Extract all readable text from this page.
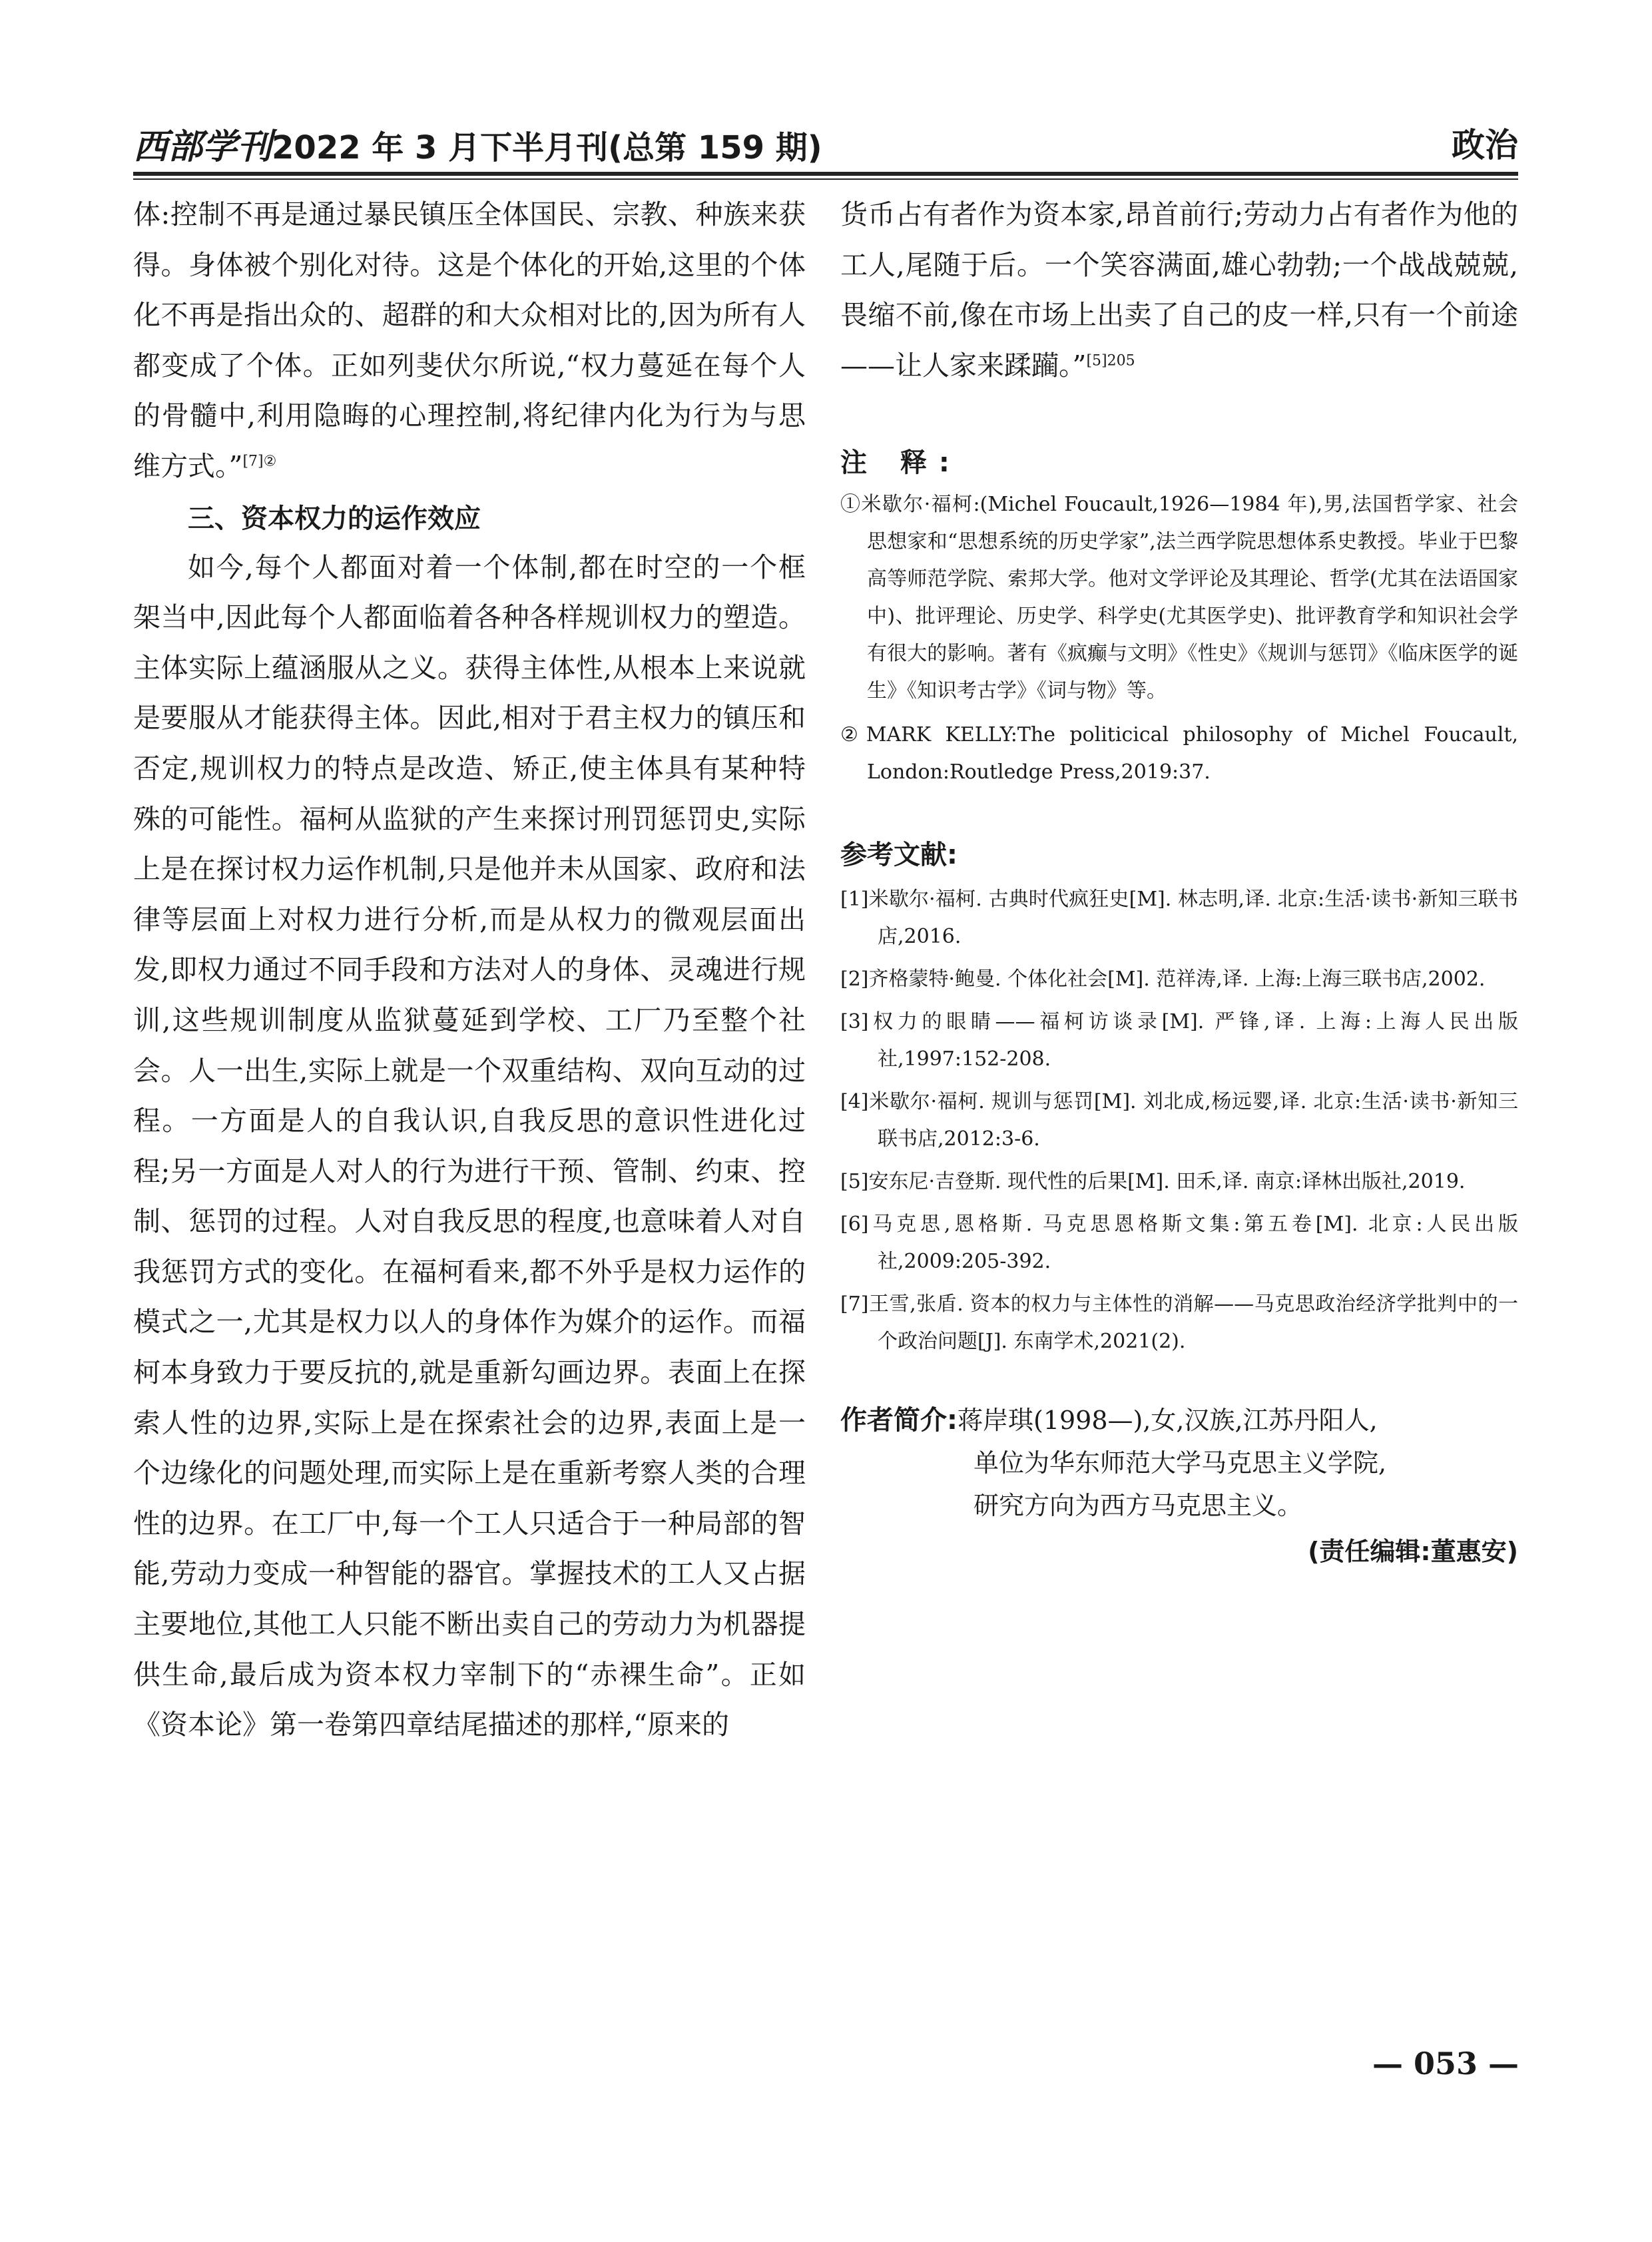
西部学刊2022 年 3 月下半月刊(总第 159 期)	政治

体:控制不再是通过暴民镇压全体国民、宗教、种族来获得。身体被个别化对待。这是个体化的开始,这里的个体化不再是指出众的、超群的和大众相对比的,因为所有人都变成了个体。正如列斐伏尔所说,“权力蔓延在每个人的骨髓中,利用隐晦的心理控制,将纪律内化为行为与思维方式。”$^{[7]②}$

三、资本权力的运作效应

如今,每个人都面对着一个体制,都在时空的一个框架当中,因此每个人都面临着各种各样规训权力的塑造。主体实际上蕴涵服从之义。获得主体性,从根本上来说就是要服从才能获得主体。因此,相对于君主权力的镇压和否定,规训权力的特点是改造、矫正,使主体具有某种特殊的可能性。福柯从监狱的产生来探讨刑罚惩罚史,实际上是在探讨权力运作机制,只是他并未从国家、政府和法律等层面上对权力进行分析,而是从权力的微观层面出发,即权力通过不同手段和方法对人的身体、灵魂进行规训,这些规训制度从监狱蔓延到学校、工厂乃至整个社会。人一出生,实际上就是一个双重结构、双向互动的过程。一方面是人的自我认识,自我反思的意识性进化过程;另一方面是人对人的行为进行干预、管制、约束、控制、惩罚的过程。人对自我反思的程度,也意味着人对自我惩罚方式的变化。在福柯看来,都不外乎是权力运作的模式之一,尤其是权力以人的身体作为媒介的运作。而福柯本身致力于要反抗的,就是重新勾画边界。表面上在探索人性的边界,实际上是在探索社会的边界,表面上是一个边缘化的问题处理,而实际上是在重新考察人类的合理性的边界。在工厂中,每一个工人只适合于一种局部的智能,劳动力变成一种智能的器官。掌握技术的工人又占据主要地位,其他工人只能不断出卖自己的劳动力为机器提供生命,最后成为资本权力宰制下的“赤裸生命”。正如《资本论》第一卷第四章结尾描述的那样,“原来的

货币占有者作为资本家,昂首前行;劳动力占有者作为他的工人,尾随于后。一个笑容满面,雄心勃勃;一个战战兢兢,畏缩不前,像在市场上出卖了自己的皮一样,只有一个前途——让人家来蹂躏。”$^{[5]205}$

注 释:

①米歇尔·福柯:(Michel Foucault,1926—1984 年),男,法国哲学家、社会思想家和“思想系统的历史学家”,法兰西学院思想体系史教授。毕业于巴黎高等师范学院、索邦大学。他对文学评论及其理论、哲学(尤其在法语国家中)、批评理论、历史学、科学史(尤其医学史)、批评教育学和知识社会学有很大的影响。著有《疯癫与文明》《性史》《规训与惩罚》《临床医学的诞生》《知识考古学》《词与物》等。

②MARK KELLY:The politicical philosophy of Michel Foucault, London:Routledge Press,2019:37.

参考文献:

[1]米歇尔·福柯. 古典时代疯狂史[M]. 林志明,译. 北京:生活·读书·新知三联书店,2016.

[2]齐格蒙特·鲍曼. 个体化社会[M]. 范祥涛,译. 上海:上海三联书店,2002.

[3]权力的眼睛——福柯访谈录[M]. 严锋,译. 上海:上海人民出版社,1997:152-208.

[4]米歇尔·福柯. 规训与惩罚[M]. 刘北成,杨远婴,译. 北京:生活·读书·新知三联书店,2012:3-6.

[5]安东尼·吉登斯. 现代性的后果[M]. 田禾,译. 南京:译林出版社,2019.

[6]马克思,恩格斯. 马克思恩格斯文集:第五卷[M]. 北京:人民出版社,2009:205-392.

[7]王雪,张盾. 资本的权力与主体性的消解——马克思政治经济学批判中的一个政治问题[J]. 东南学术,2021(2).

作者简介:蒋岸琪(1998—),女,汉族,江苏丹阳人,
单位为华东师范大学马克思主义学院,
研究方向为西方马克思主义。
(责任编辑:董惠安)
— 053 —
